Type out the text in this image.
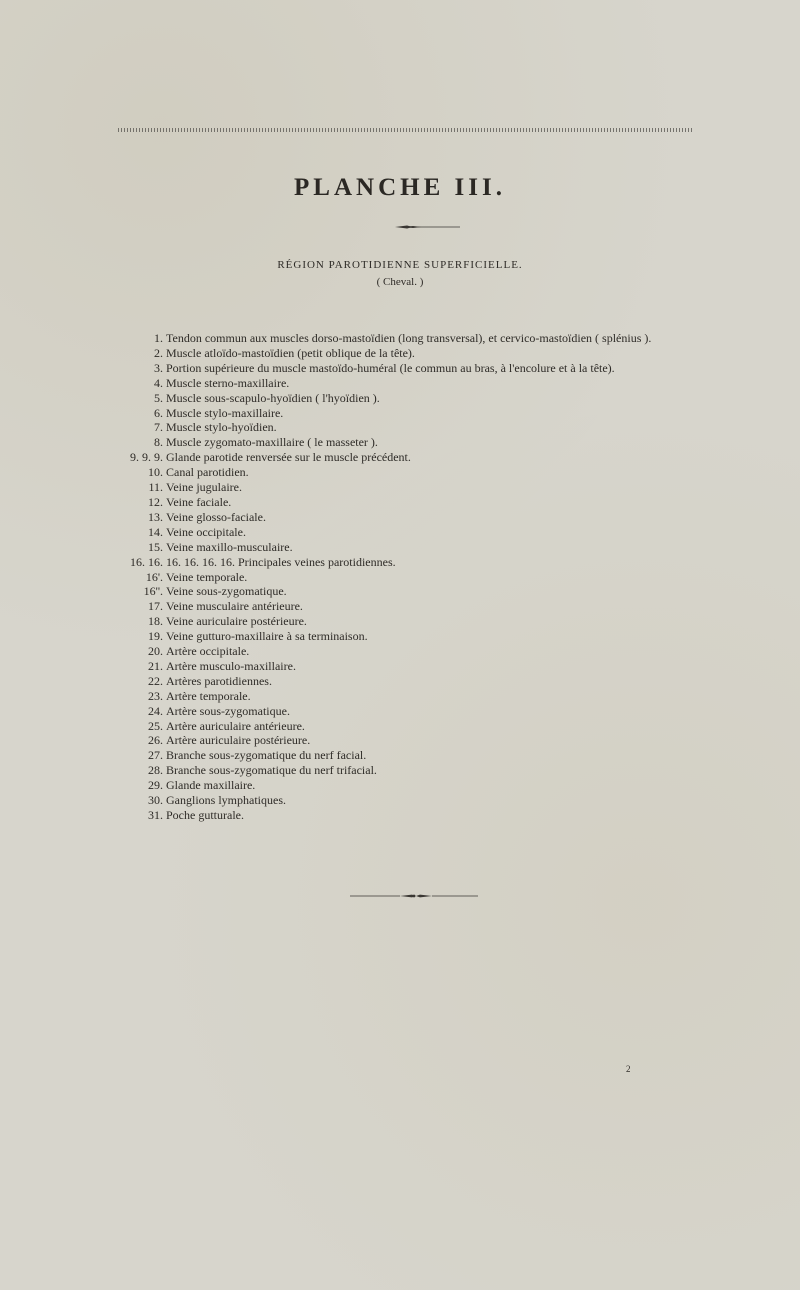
PLANCHE III.
RÉGION PAROTIDIENNE SUPERFICIELLE.
( Cheval. )
1. Tendon commun aux muscles dorso-mastoïdien (long transversal), et cervico-mastoïdien ( splénius ).
2. Muscle atloïdo-mastoïdien (petit oblique de la tête).
3. Portion supérieure du muscle mastoïdo-huméral (le commun au bras, à l'encolure et à la tête).
4. Muscle sterno-maxillaire.
5. Muscle sous-scapulo-hyoïdien ( l'hyoïdien ).
6. Muscle stylo-maxillaire.
7. Muscle stylo-hyoïdien.
8. Muscle zygomato-maxillaire ( le masseter ).
9. 9. 9. Glande parotide renversée sur le muscle précédent.
10. Canal parotidien.
11. Veine jugulaire.
12. Veine faciale.
13. Veine glosso-faciale.
14. Veine occipitale.
15. Veine maxillo-musculaire.
16. 16. 16. 16. 16. 16. Principales veines parotidiennes.
16'. Veine temporale.
16''. Veine sous-zygomatique.
17. Veine musculaire antérieure.
18. Veine auriculaire postérieure.
19. Veine gutturo-maxillaire à sa terminaison.
20. Artère occipitale.
21. Artère musculo-maxillaire.
22. Artères parotidiennes.
23. Artère temporale.
24. Artère sous-zygomatique.
25. Artère auriculaire antérieure.
26. Artère auriculaire postérieure.
27. Branche sous-zygomatique du nerf facial.
28. Branche sous-zygomatique du nerf trifacial.
29. Glande maxillaire.
30. Ganglions lymphatiques.
31. Poche gutturale.
2
